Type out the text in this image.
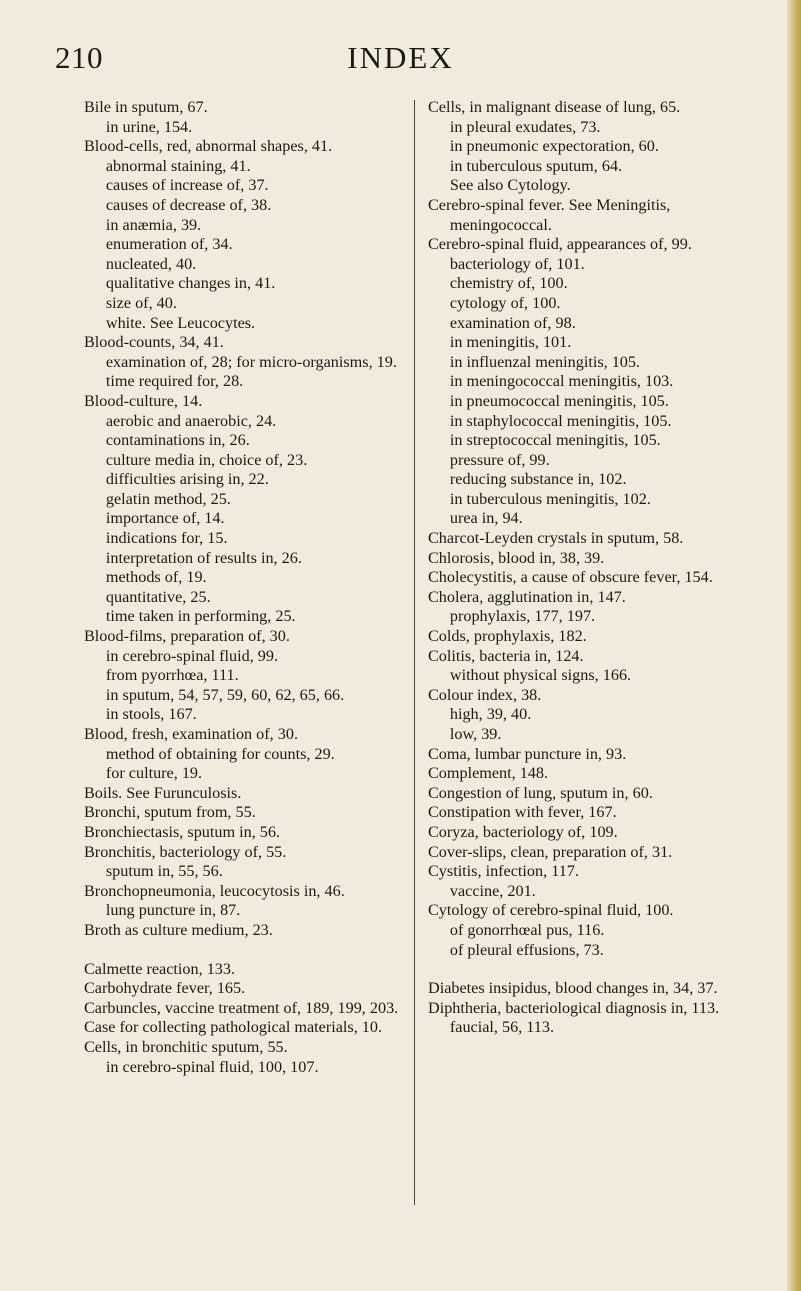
210	INDEX
Bile in sputum, 67.
in urine, 154.
Blood-cells, red, abnormal shapes, 41.
abnormal staining, 41.
causes of increase of, 37.
causes of decrease of, 38.
in anæmia, 39.
enumeration of, 34.
nucleated, 40.
qualitative changes in, 41.
size of, 40.
white. See Leucocytes.
Blood-counts, 34, 41.
examination of, 28; for micro-organisms, 19.
time required for, 28.
Blood-culture, 14.
aerobic and anaerobic, 24.
contaminations in, 26.
culture media in, choice of, 23.
difficulties arising in, 22.
gelatin method, 25.
importance of, 14.
indications for, 15.
interpretation of results in, 26.
methods of, 19.
quantitative, 25.
time taken in performing, 25.
Blood-films, preparation of, 30.
in cerebro-spinal fluid, 99.
from pyorrhœa, 111.
in sputum, 54, 57, 59, 60, 62, 65, 66.
in stools, 167.
Blood, fresh, examination of, 30.
method of obtaining for counts, 29.
for culture, 19.
Boils. See Furunculosis.
Bronchi, sputum from, 55.
Bronchiectasis, sputum in, 56.
Bronchitis, bacteriology of, 55.
sputum in, 55, 56.
Bronchopneumonia, leucocytosis in, 46.
lung puncture in, 87.
Broth as culture medium, 23.
Calmette reaction, 133.
Carbohydrate fever, 165.
Carbuncles, vaccine treatment of, 189, 199, 203.
Case for collecting pathological materials, 10.
Cells, in bronchitic sputum, 55.
in cerebro-spinal fluid, 100, 107.
Cells, in malignant disease of lung, 65.
in pleural exudates, 73.
in pneumonic expectoration, 60.
in tuberculous sputum, 64.
See also Cytology.
Cerebro-spinal fever. See Meningitis, meningococcal.
Cerebro-spinal fluid, appearances of, 99.
bacteriology of, 101.
chemistry of, 100.
cytology of, 100.
examination of, 98.
in meningitis, 101.
in influenzal meningitis, 105.
in meningococcal meningitis, 103.
in pneumococcal meningitis, 105.
in staphylococcal meningitis, 105.
in streptococcal meningitis, 105.
pressure of, 99.
reducing substance in, 102.
in tuberculous meningitis, 102.
urea in, 94.
Charcot-Leyden crystals in sputum, 58.
Chlorosis, blood in, 38, 39.
Cholecystitis, a cause of obscure fever, 154.
Cholera, agglutination in, 147.
prophylaxis, 177, 197.
Colds, prophylaxis, 182.
Colitis, bacteria in, 124.
without physical signs, 166.
Colour index, 38.
high, 39, 40.
low, 39.
Coma, lumbar puncture in, 93.
Complement, 148.
Congestion of lung, sputum in, 60.
Constipation with fever, 167.
Coryza, bacteriology of, 109.
Cover-slips, clean, preparation of, 31.
Cystitis, infection, 117.
vaccine, 201.
Cytology of cerebro-spinal fluid, 100.
of gonorrhœal pus, 116.
of pleural effusions, 73.
Diabetes insipidus, blood changes in, 34, 37.
Diphtheria, bacteriological diagnosis in, 113.
faucial, 56, 113.
